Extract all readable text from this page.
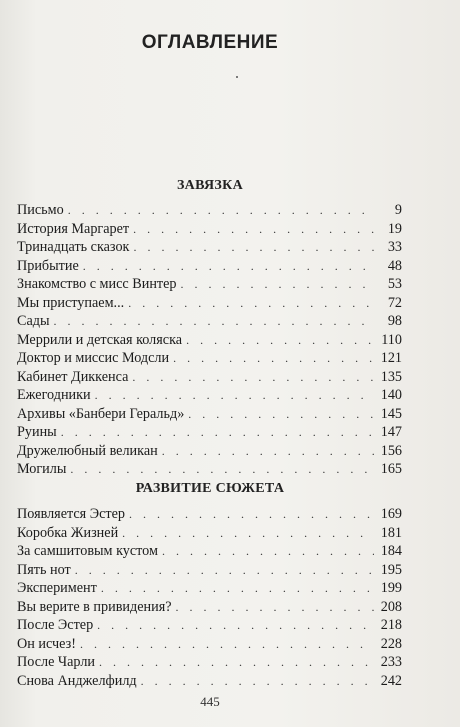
ОГЛАВЛЕНИЕ
ЗАВЯЗКА
Письмо . . .	9
История Маргарет . . .	19
Тринадцать сказок . . .	33
Прибытие . . .	48
Знакомство с мисс Винтер . . .	53
Мы приступаем... . . .	72
Сады . . .	98
Меррили и детская коляска . . .	110
Доктор и миссис Модсли . . .	121
Кабинет Диккенса . . .	135
Ежегодники . . .	140
Архивы «Банбери Геральд» . . .	145
Руины . . .	147
Дружелюбный великан . . .	156
Могилы . . .	165
РАЗВИТИЕ СЮЖЕТА
Появляется Эстер . . .	169
Коробка Жизней . . .	181
За самшитовым кустом . . .	184
Пять нот . . .	195
Эксперимент . . .	199
Вы верите в привидения? . . .	208
После Эстер . . .	218
Он исчез! . . .	228
После Чарли . . .	233
Снова Анджелфилд . . .	242
445
